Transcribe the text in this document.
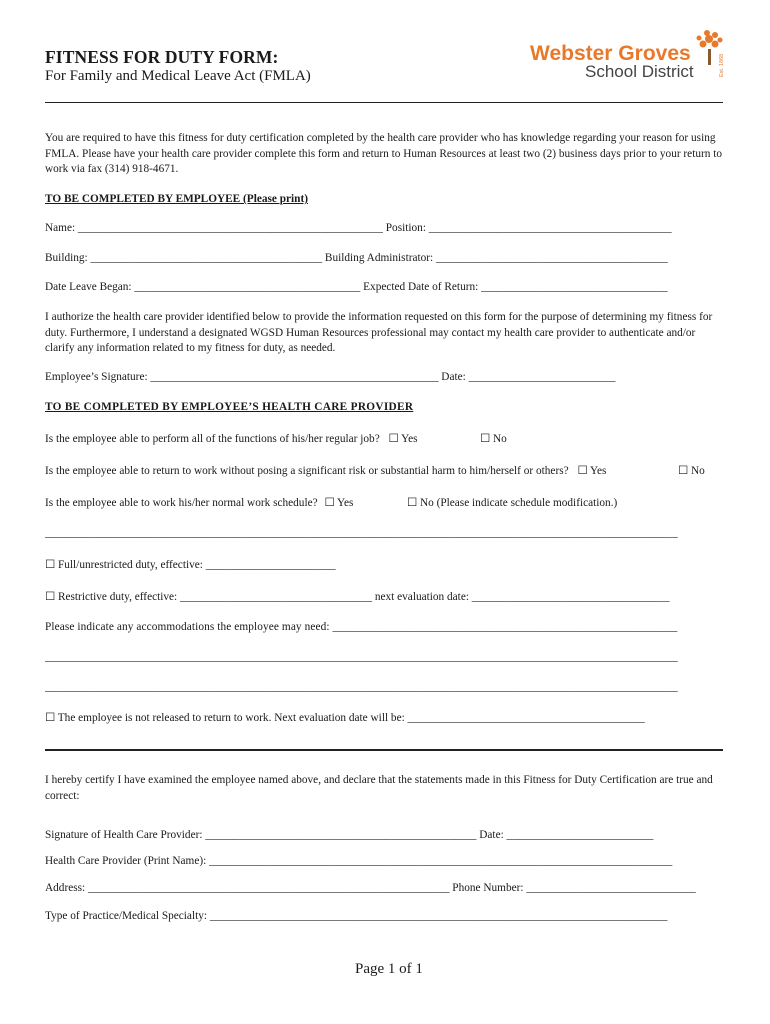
FITNESS FOR DUTY FORM:
For Family and Medical Leave Act (FMLA)
Webster Groves
School District	Est. 1868
You are required to have this fitness for duty certification completed by the health care provider who has knowledge regarding your reason for using FMLA. Please have your health care provider complete this form and return to Human Resources at least two (2) business days prior to your return to work via fax (314) 918-4671.
TO BE COMPLETED BY EMPLOYEE (Please print)
Name: ______________________________________________________ Position: ___________________________________________
Building: _________________________________________ Building Administrator: _________________________________________
Date Leave Began: ________________________________________ Expected Date of Return: _________________________________
I authorize the health care provider identified below to provide the information requested on this form for the purpose of determining my fitness for duty. Furthermore, I understand a designated WGSD Human Resources professional may contact my health care provider to authenticate and/or clarify any information related to my fitness for duty, as needed.
Employee’s Signature: ___________________________________________________ Date: __________________________
TO BE COMPLETED BY EMPLOYEE’S HEALTH CARE PROVIDER
Is the employee able to perform all of the functions of his/her regular job? ☐ Yes	☐ No
Is the employee able to return to work without posing a significant risk or substantial harm to him/herself or others? ☐ Yes	☐ No
Is the employee able to work his/her normal work schedule? ☐ Yes	☐ No (Please indicate schedule modification.)
________________________________________________________________________________________________________________
☐ Full/unrestricted duty, effective: _______________________
☐ Restrictive duty, effective: __________________________________ next evaluation date: ___________________________________
Please indicate any accommodations the employee may need: ____________________________________________________________
________________________________________________________________________________________________________________
________________________________________________________________________________________________________________
☐ The employee is not released to return to work. Next evaluation date will be: __________________________________________
I hereby certify I have examined the employee named above, and declare that the statements made in this Fitness for Duty Certification are true and correct:
Signature of Health Care Provider: ________________________________________________ Date: __________________________
Health Care Provider (Print Name): __________________________________________________________________________________
Address: ________________________________________________________________ Phone Number: ______________________________
Type of Practice/Medical Specialty: _________________________________________________________________________________
Page 1 of 1
